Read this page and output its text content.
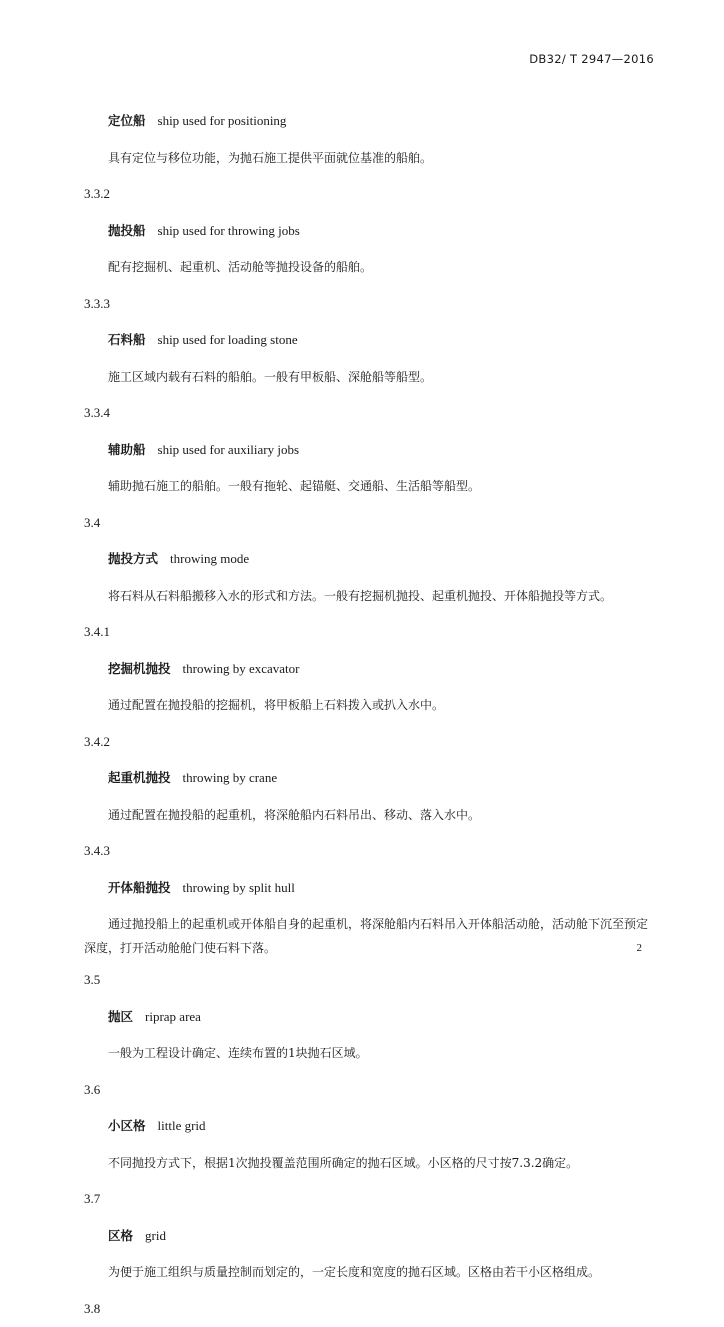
DB32/ T 2947—2016
定位船 ship used for positioning
具有定位与移位功能，为抛石施工提供平面就位基准的船舶。
3.3.2
抛投船 ship used for throwing jobs
配有挖掘机、起重机、活动舱等抛投设备的船舶。
3.3.3
石料船 ship used for loading stone
施工区域内载有石料的船舶。一般有甲板船、深舱船等船型。
3.3.4
辅助船 ship used for auxiliary jobs
辅助抛石施工的船舶。一般有拖轮、起锚艇、交通船、生活船等船型。
3.4
抛投方式 throwing mode
将石料从石料船搬移入水的形式和方法。一般有挖掘机抛投、起重机抛投、开体船抛投等方式。
3.4.1
挖掘机抛投 throwing by excavator
通过配置在抛投船的挖掘机，将甲板船上石料拨入或扒入水中。
3.4.2
起重机抛投 throwing by crane
通过配置在抛投船的起重机，将深舱船内石料吊出、移动、落入水中。
3.4.3
开体船抛投 throwing by split hull
通过抛投船上的起重机或开体船自身的起重机，将深舱船内石料吊入开体船活动舱，活动舱下沉至预定深度，打开活动舱舱门使石料下落。
3.5
抛区 riprap area
一般为工程设计确定、连续布置的1块抛石区域。
3.6
小区格 little grid
不同抛投方式下，根据1次抛投覆盖范围所确定的抛石区域。小区格的尺寸按7.3.2确定。
3.7
区格 grid
为便于施工组织与质量控制而划定的，一定长度和宽度的抛石区域。区格由若干小区格组成。
3.8
2
